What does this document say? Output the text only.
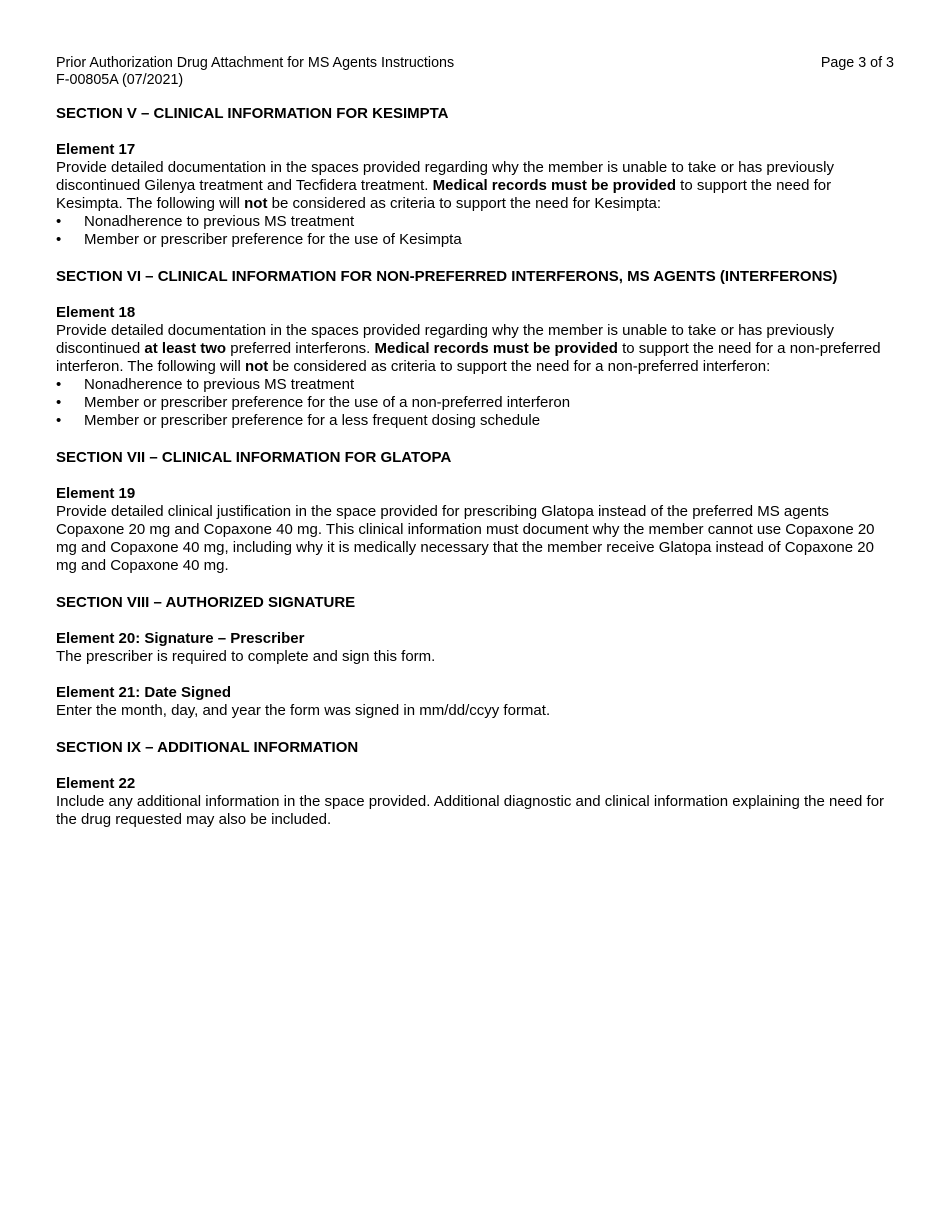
Prior Authorization Drug Attachment for MS Agents Instructions
F-00805A (07/2021)
Page 3 of 3
SECTION V – CLINICAL INFORMATION FOR KESIMPTA
Element 17

Provide detailed documentation in the spaces provided regarding why the member is unable to take or has previously discontinued Gilenya treatment and Tecfidera treatment. Medical records must be provided to support the need for Kesimpta. The following will not be considered as criteria to support the need for Kesimpta:

•	Nonadherence to previous MS treatment
•	Member or prescriber preference for the use of Kesimpta
SECTION VI – CLINICAL INFORMATION FOR NON-PREFERRED INTERFERONS, MS AGENTS (INTERFERONS)
Element 18

Provide detailed documentation in the spaces provided regarding why the member is unable to take or has previously discontinued at least two preferred interferons. Medical records must be provided to support the need for a non-preferred interferon. The following will not be considered as criteria to support the need for a non-preferred interferon:

•	Nonadherence to previous MS treatment
•	Member or prescriber preference for the use of a non-preferred interferon
•	Member or prescriber preference for a less frequent dosing schedule
SECTION VII – CLINICAL INFORMATION FOR GLATOPA
Element 19

Provide detailed clinical justification in the space provided for prescribing Glatopa instead of the preferred MS agents Copaxone 20 mg and Copaxone 40 mg. This clinical information must document why the member cannot use Copaxone 20 mg and Copaxone 40 mg, including why it is medically necessary that the member receive Glatopa instead of Copaxone 20 mg and Copaxone 40 mg.

SECTION VIII – AUTHORIZED SIGNATURE
Element 20: Signature – Prescriber

The prescriber is required to complete and sign this form.

Element 21: Date Signed

Enter the month, day, and year the form was signed in mm/dd/ccyy format.

SECTION IX – ADDITIONAL INFORMATION
Element 22

Include any additional information in the space provided. Additional diagnostic and clinical information explaining the need for the drug requested may also be included.
